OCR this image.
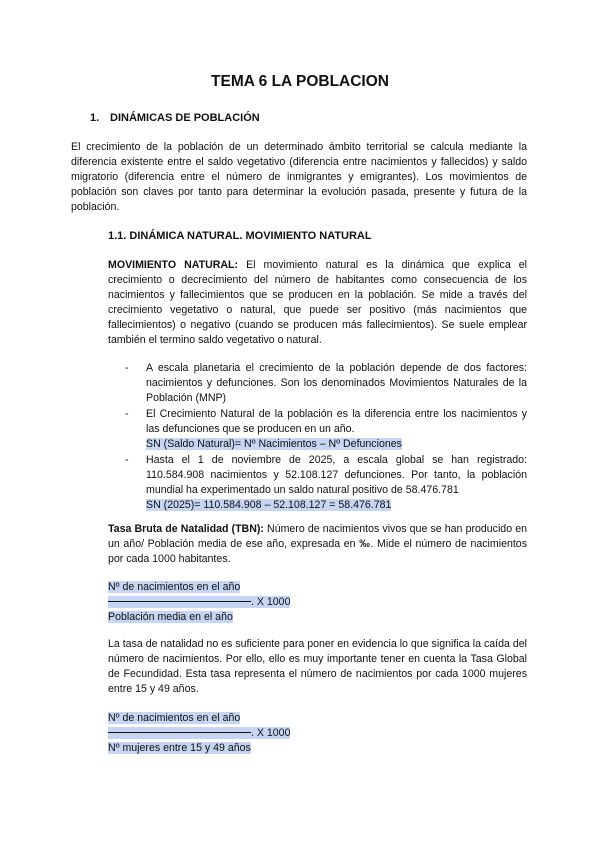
TEMA 6 LA POBLACION
1. DINÁMICAS DE POBLACIÓN

El crecimiento de la población de un determinado ámbito territorial se calcula mediante la diferencia existente entre el saldo vegetativo (diferencia entre nacimientos y fallecidos) y saldo migratorio (diferencia entre el número de inmigrantes y emigrantes). Los movimientos de población son claves por tanto para determinar la evolución pasada, presente y futura de la población.

1.1. DINÁMICA NATURAL. MOVIMIENTO NATURAL

MOVIMIENTO NATURAL: El movimiento natural es la dinámica que explica el crecimiento o decrecimiento del número de habitantes como consecuencia de los nacimientos y fallecimientos que se producen en la población. Se mide a través del crecimiento vegetativo o natural, que puede ser positivo (más nacimientos que fallecimientos) o negativo (cuando se producen más fallecimientos). Se suele emplear también el termino saldo vegetativo o natural.

- A escala planetaria el crecimiento de la población depende de dos factores: nacimientos y defunciones. Son los denominados Movimientos Naturales de la Población (MNP)
- El Crecimiento Natural de la población es la diferencia entre los nacimientos y las defunciones que se producen en un año.
SN (Saldo Natural)= Nº Nacimientos – Nº Defunciones
- Hasta el 1 de noviembre de 2025, a escala global se han registrado: 110.584.908 nacimientos y 52.108.127 defunciones. Por tanto, la población mundial ha experimentado un saldo natural positivo de 58.476.781
SN (2025)= 110.584.908 – 52.108.127 = 58.476.781

Tasa Bruta de Natalidad (TBN): Número de nacimientos vivos que se han producido en un año/ Población media de ese año, expresada en ‰. Mide el número de nacimientos por cada 1000 habitantes.

Nº de nacimientos en el año
. X 1000
Población media en el año

La tasa de natalidad no es suficiente para poner en evidencia lo que significa la caída del número de nacimientos. Por ello, ello es muy importante tener en cuenta la Tasa Global de Fecundidad. Esta tasa representa el número de nacimientos por cada 1000 mujeres entre 15 y 49 años.

Nº de nacimientos en el año
. X 1000
Nº mujeres entre 15 y 49 años
